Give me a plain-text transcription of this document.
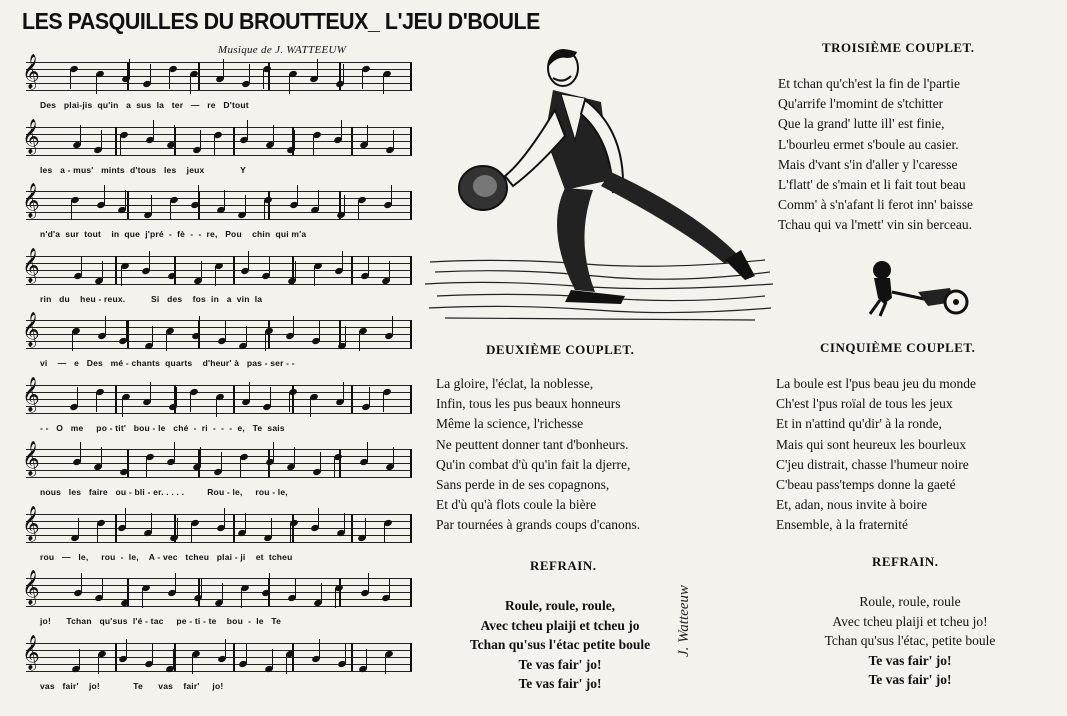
LES PASQUILLES DU BROUTTEUX_ L'JEU D'BOULE
Musique de J. WATTEEUW
𝄞
Des   plai-jis  qu'in   a  sus  la   ter   —   re   D'tout
𝄞
les   a - mus'   mints  d'tous   les    jeux              Y
𝄞
n'd'a  sur  tout    in  que  j'pré  -  fè  -  -  re,   Pou    chin  qui m'a
𝄞
rin   du    heu - reux.          Si   des    fos  in   a  vin  la
𝄞
vi    —   e   Des   mé - chants  quarts    d'heur' à   pas - ser - -
𝄞
- -   O   me     po - tit'   bou - le   ché  -  ri  -  -  -  e,   Te  sais
𝄞
nous   les   faire   ou - bli - er. . . . .         Rou - le,     rou - le,
𝄞
rou   —   le,     rou  -  le,    A - vec   tcheu   plai - ji    et  tcheu
𝄞
jo!      Tchan   qu'sus  l'é - tac     pe - ti - te    bou  -  le   Te
𝄞
vas   fair'    jo!             Te      vas    fair'     jo!
DEUXIÈME COUPLET.
La gloire, l'éclat, la noblesse,
Infin, tous les pus beaux honneurs
Même la science, l'richesse
Ne peuttent donner tant d'bonheurs.
Qu'in combat d'ù qu'in fait la djerre,
Sans perde in de ses copagnons,
Et d'ù qu'à flots coule la bière
Par tournées à grands coups d'canons.
TROISIÈME COUPLET.
Et tchan qu'ch'est la fin de l'partie
Qu'arrife l'momint de s'tchitter
Que la grand' lutte ill' est finie,
L'bourleu ermet s'boule au casier.
Mais d'vant s'in d'aller y l'caresse
L'flatt' de s'main et li fait tout beau
Comm' à s'n'afant li ferot inn' baisse
Tchau qui va l'mett' vin sin berceau.
CINQUIÈME COUPLET.
La boule est l'pus beau jeu du monde
Ch'est l'pus roïal de tous les jeux
Et in n'attind qu'dir' à la ronde,
Mais qui sont heureux les bourleux
C'jeu distrait, chasse l'humeur noire
C'beau pass'temps donne la gaeté
Et, adan, nous invite à boire
Ensemble, à la fraternité
REFRAIN.
Roule, roule, roule,
Avec tcheu plaiji et tcheu jo
Tchan qu'sus l'étac petite boule
Te vas fair' jo!
Te vas fair' jo!
REFRAIN.
Roule, roule, roule
Avec tcheu plaiji et tcheu jo!
Tchan qu'sus l'étac, petite boule
Te vas fair' jo!
Te vas fair' jo!
J. Watteeuw
